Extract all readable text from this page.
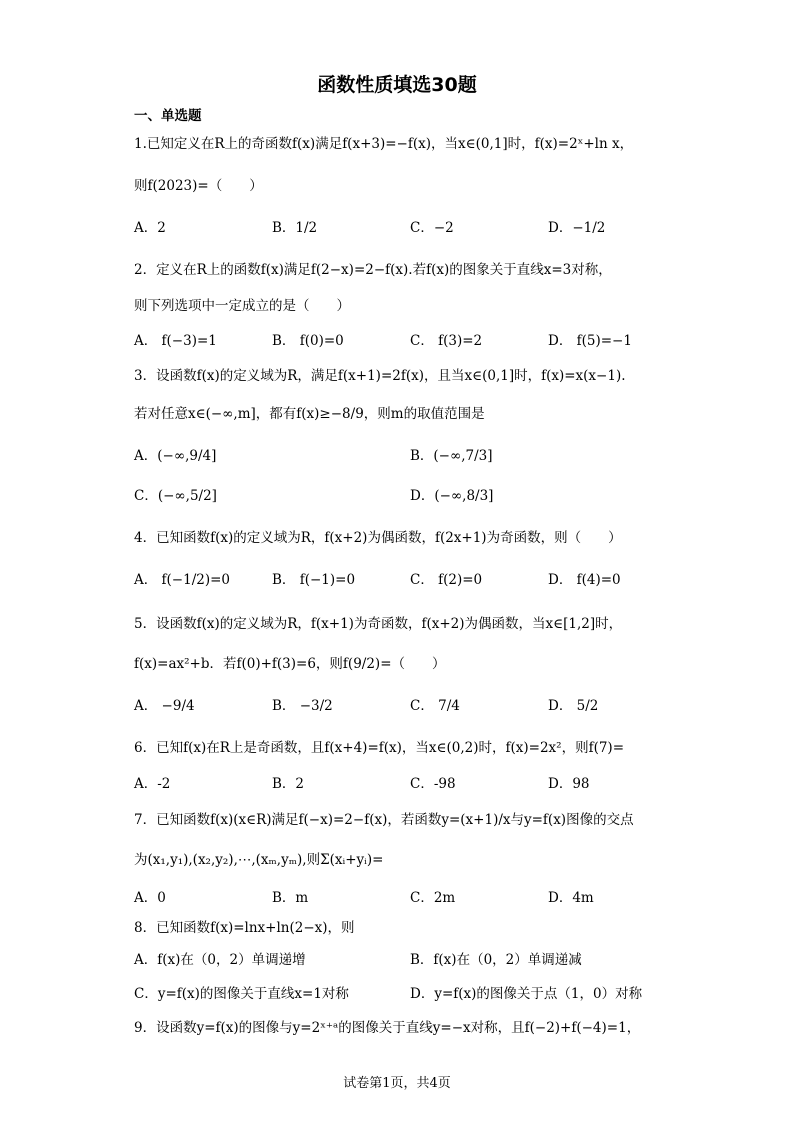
函数性质填选30题
一、单选题
1.已知定义在R上的奇函数f(x)满足f(x+3)=−f(x)，当x∈(0,1]时，f(x)=2ˣ+ln x，
则f(2023)=（　　）
A．2	B．1/2	C．−2	D．−1/2
2．定义在R上的函数f(x)满足f(2−x)=2−f(x).若f(x)的图象关于直线x=3对称，
则下列选项中一定成立的是（　　）
A． f(−3)=1	B． f(0)=0	C． f(3)=2	D． f(5)=−1
3．设函数f(x)的定义域为R，满足f(x+1)=2f(x)，且当x∈(0,1]时，f(x)=x(x−1).
若对任意x∈(−∞,m]，都有f(x)≥−8/9，则m的取值范围是
A．(−∞,9/4]	B．(−∞,7/3]
C．(−∞,5/2]	D．(−∞,8/3]
4．已知函数f(x)的定义域为R，f(x+2)为偶函数，f(2x+1)为奇函数，则（　　）
A． f(−1/2)=0	B． f(−1)=0	C． f(2)=0	D． f(4)=0
5．设函数f(x)的定义域为R，f(x+1)为奇函数，f(x+2)为偶函数，当x∈[1,2]时，
f(x)=ax²+b．若f(0)+f(3)=6，则f(9/2)=（　　）
A． −9/4	B． −3/2	C． 7/4	D． 5/2
6．已知f(x)在R上是奇函数，且f(x+4)=f(x)，当x∈(0,2)时，f(x)=2x²，则f(7)=
A．-2	B．2	C．-98	D．98
7．已知函数f(x)(x∈R)满足f(−x)=2−f(x)，若函数y=(x+1)/x与y=f(x)图像的交点
为(x₁,y₁),(x₂,y₂),⋯,(xₘ,yₘ),则Σ(xᵢ+yᵢ)=
A．0	B．m	C．2m	D．4m
8．已知函数f(x)=lnx+ln(2−x)，则
A．f(x)在（0，2）单调递增	B．f(x)在（0，2）单调递减
C．y=f(x)的图像关于直线x=1对称	D．y=f(x)的图像关于点（1，0）对称
9．设函数y=f(x)的图像与y=2ˣ⁺ᵃ的图像关于直线y=−x对称，且f(−2)+f(−4)=1，
试卷第1页，共4页
